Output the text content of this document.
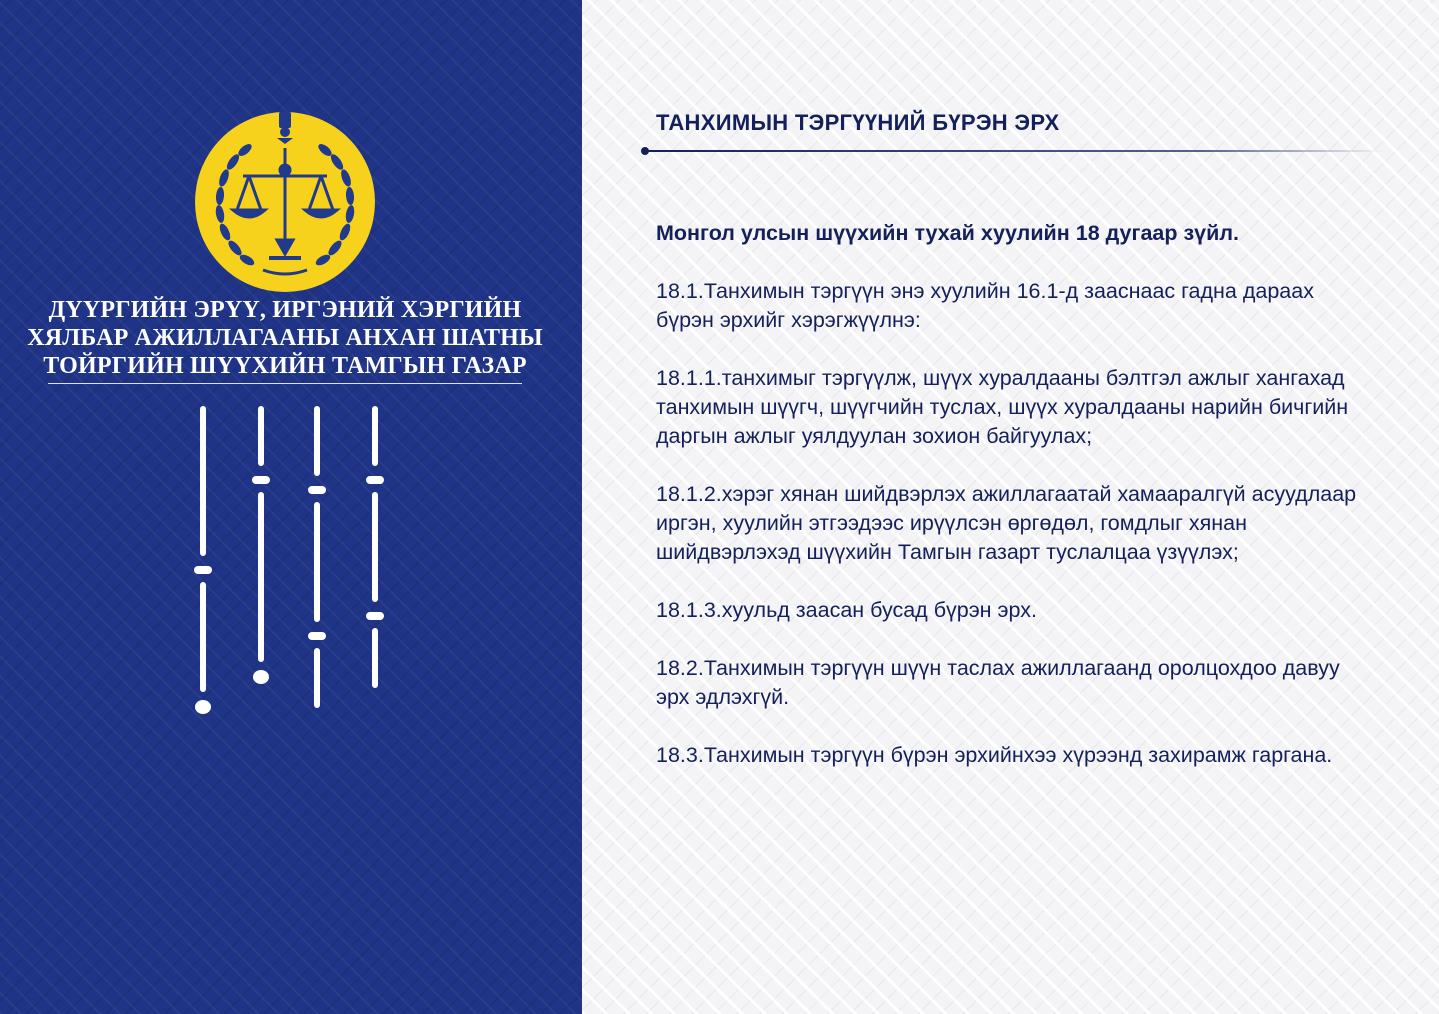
ДҮҮРГИЙН ЭРҮҮ, ИРГЭНИЙ ХЭРГИЙН
ХЯЛБАР АЖИЛЛАГААНЫ АНХАН ШАТНЫ
ТОЙРГИЙН ШҮҮХИЙН ТАМГЫН ГАЗАР
ТАНХИМЫН ТЭРГҮҮНИЙ БҮРЭН ЭРХ

Монгол улсын шүүхийн тухай хуулийн 18 дугаар зүйл.

18.1.Танхимын тэргүүн энэ хуулийн 16.1-д зааснаас гадна дараах бүрэн эрхийг хэрэгжүүлнэ:

18.1.1.танхимыг тэргүүлж, шүүх хуралдааны бэлтгэл ажлыг хангахад танхимын шүүгч, шүүгчийн туслах, шүүх хуралдааны нарийн бичгийн даргын ажлыг уялдуулан зохион байгуулах;

18.1.2.хэрэг хянан шийдвэрлэх ажиллагаатай хамааралгүй асуудлаар иргэн, хуулийн этгээдээс ирүүлсэн өргөдөл, гомдлыг хянан шийдвэрлэхэд шүүхийн Тамгын газарт туслалцаа үзүүлэх;

18.1.3.хуульд заасан бусад бүрэн эрх.

18.2.Танхимын тэргүүн шүүн таслах ажиллагаанд оролцохдоо давуу эрх эдлэхгүй.

18.3.Танхимын тэргүүн бүрэн эрхийнхээ хүрээнд захирамж гаргана.
